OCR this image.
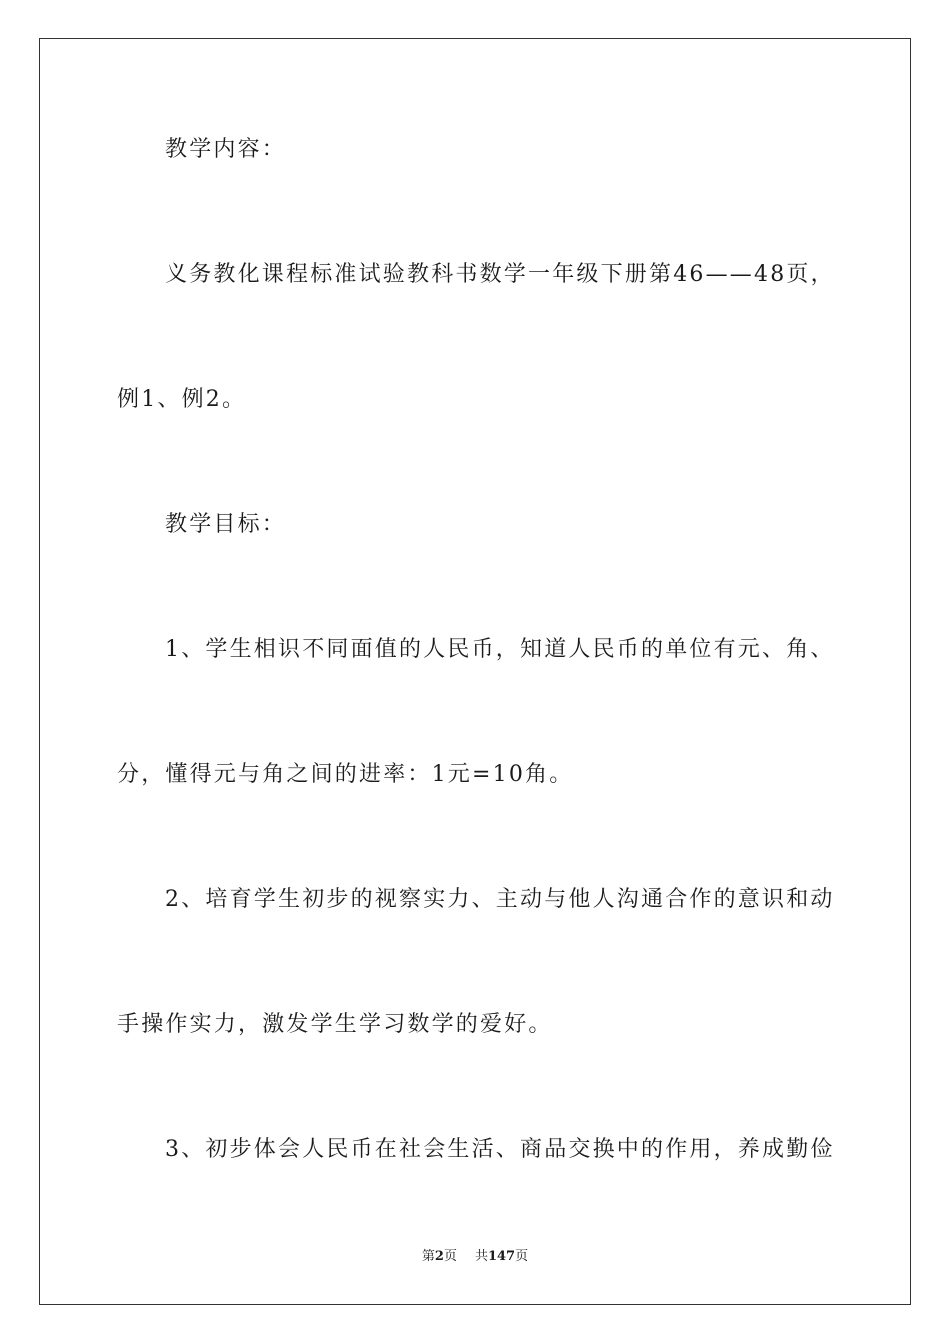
教学内容：
义务教化课程标准试验教科书数学一年级下册第46——48页，
例1、例2。
教学目标：
1、学生相识不同面值的人民币，知道人民币的单位有元、角、
分，懂得元与角之间的进率：1元=10角。
2、培育学生初步的视察实力、主动与他人沟通合作的意识和动
手操作实力，激发学生学习数学的爱好。
3、初步体会人民币在社会生活、商品交换中的作用，养成勤俭
第2页 共147页
